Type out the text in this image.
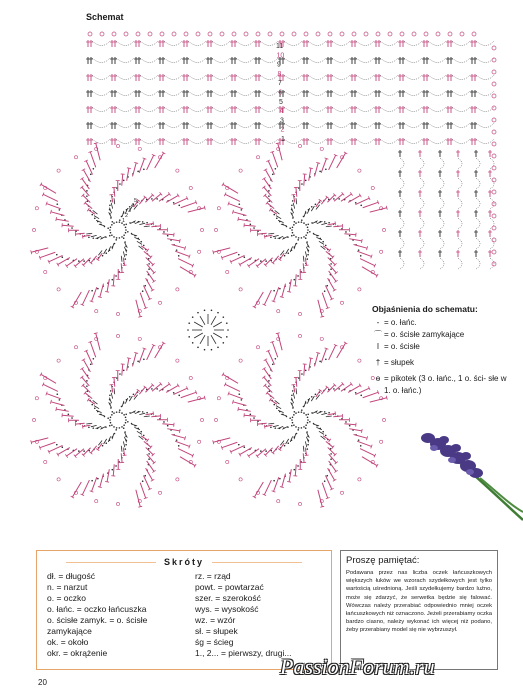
Schemat
11
10
9
8
7
6
5
4
3
2
1
1
2
3
4
5
Objaśnienia do schematu:
- = o. łańc.
⌒ = o. ścisłe zamykające
I = o. ścisłe
† = słupek
ɵ = pikotek (3 o. łańc., 1 o. ści- słe w 1. o. łańc.)
Skróty
dł. = długość
n. = narzut
o. = oczko
o. łańc. = oczko łańcuszka
o. ścisłe zamyk. = o. ścisłe
zamykające
ok. = około
okr. = okrążenie
rz. = rząd
powt. = powtarzać
szer. = szerokość
wys. = wysokość
wz. = wzór
sł. = słupek
śg = ścieg
1., 2... = pierwszy, drugi...
Proszę pamiętać:
Podawana przez nas liczba oczek łańcuszkowych większych łuków we wzorach szydełkowych jest tylko wartością uśrednioną. Jeśli szydełkujemy bardzo luźno, może się zdarzyć, że serwetka będzie się falować. Wówczas należy przerabiać odpowiednio mniej oczek łańcuszkowych niż oznaczono. Jeżeli przerabiamy oczka bardzo ciasno, należy wykonać ich więcej niż podano, żeby przerabiany model się nie wybrzuszył.
20
PassionForum.ru
